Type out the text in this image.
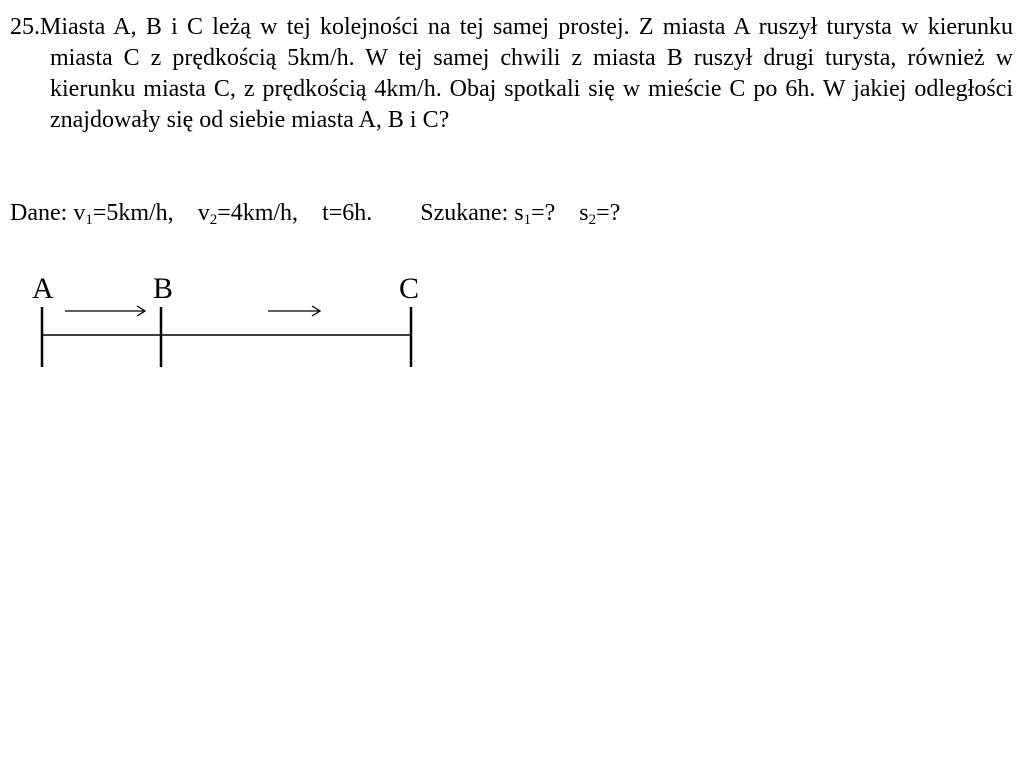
25.Miasta A, B i C leżą w tej kolejności na tej samej prostej. Z miasta A ruszył turysta w kierunku miasta C z prędkością 5km/h. W tej samej chwili z miasta B ruszył drugi turysta, również w kierunku miasta C, z prędkością 4km/h. Obaj spotkali się w mieście C po 6h. W jakiej odległości znajdowały się od siebie miasta A, B i C?

Dane: $v_1=5km/h$, $v_2=4km/h$, t=6h. Szukane: $s_1=$? $s_2=$?

A	B	C
